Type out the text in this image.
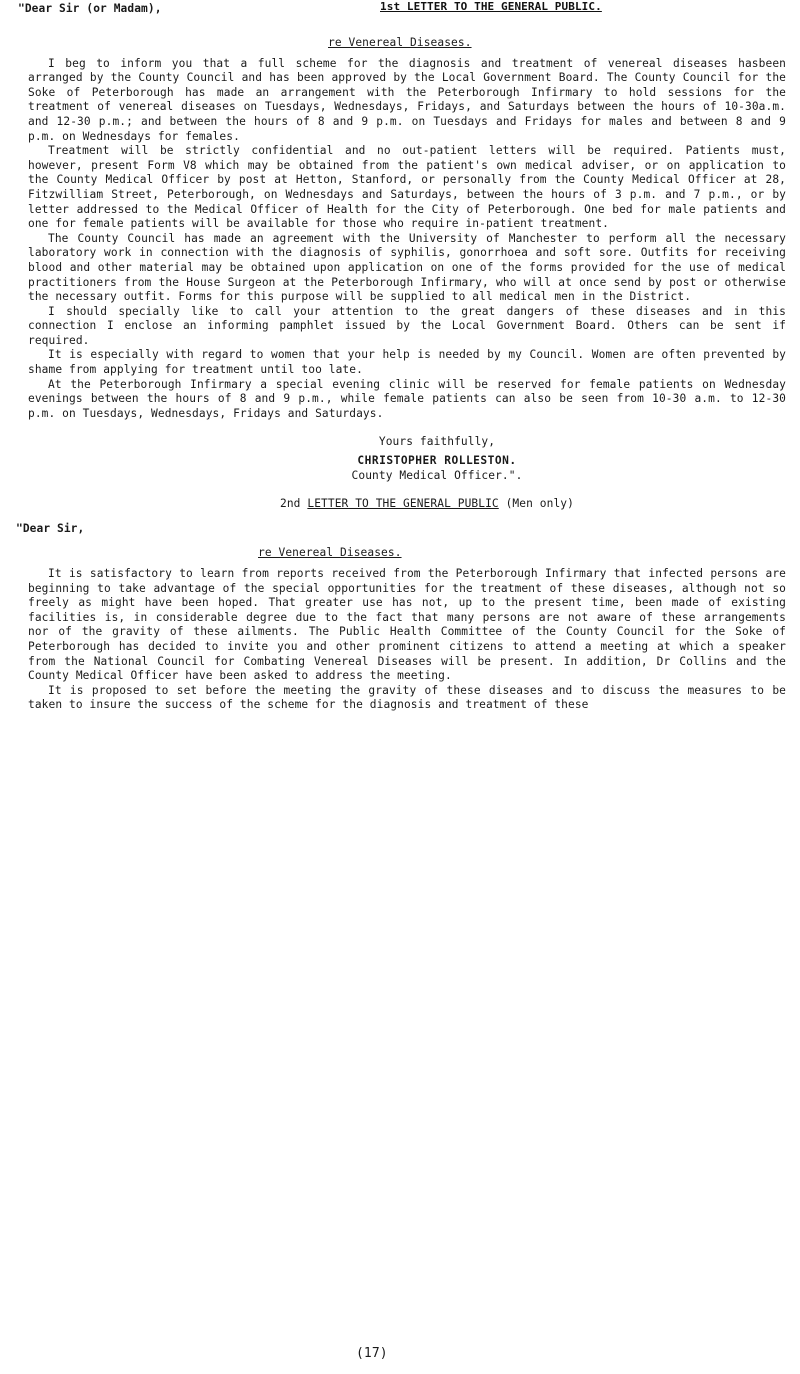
1st LETTER TO THE GENERAL PUBLIC.
"Dear Sir (or Madam),

re Venereal Diseases.

I beg to inform you that a full scheme for the diagnosis and treatment of venereal diseases hasbeen arranged by the County Council and has been approved by the Local Government Board. The County Council for the Soke of Peterborough has made an arrangement with the Peterborough Infirmary to hold sessions for the treatment of venereal diseases on Tuesdays, Wednesdays, Fridays, and Saturdays between the hours of 10-30a.m. and 12-30 p.m.; and between the hours of 8 and 9 p.m. on Tuesdays and Fridays for males and between 8 and 9 p.m. on Wednesdays for females.

Treatment will be strictly confidential and no out-patient letters will be required. Patients must, however, present Form V8 which may be obtained from the patient's own medical adviser, or on application to the County Medical Officer by post at Hetton, Stanford, or personally from the County Medical Officer at 28, Fitzwilliam Street, Peterborough, on Wednesdays and Saturdays, between the hours of 3 p.m. and 7 p.m., or by letter addressed to the Medical Officer of Health for the City of Peterborough. One bed for male patients and one for female patients will be available for those who require in-patient treatment.

The County Council has made an agreement with the University of Manchester to perform all the necessary laboratory work in connection with the diagnosis of syphilis, gonorrhoea and soft sore. Outfits for receiving blood and other material may be obtained upon application on one of the forms provided for the use of medical practitioners from the House Surgeon at the Peterborough Infirmary, who will at once send by post or otherwise the necessary outfit. Forms for this purpose will be supplied to all medical men in the District.

I should specially like to call your attention to the great dangers of these diseases and in this connection I enclose an informing pamphlet issued by the Local Government Board. Others can be sent if required.

It is especially with regard to women that your help is needed by my Council. Women are often prevented by shame from applying for treatment until too late.

At the Peterborough Infirmary a special evening clinic will be reserved for female patients on Wednesday evenings between the hours of 8 and 9 p.m., while female patients can also be seen from 10-30 a.m. to 12-30 p.m. on Tuesdays, Wednesdays, Fridays and Saturdays.

Yours faithfully,

CHRISTOPHER ROLLESTON.

County Medical Officer.".

2nd LETTER TO THE GENERAL PUBLIC (Men only)
"Dear Sir,

re Venereal Diseases.

It is satisfactory to learn from reports received from the Peterborough Infirmary that infected persons are beginning to take advantage of the special opportunities for the treatment of these diseases, although not so freely as might have been hoped. That greater use has not, up to the present time, been made of existing facilities is, in considerable degree due to the fact that many persons are not aware of these arrangements nor of the gravity of these ailments. The Public Health Committee of the County Council for the Soke of Peterborough has decided to invite you and other prominent citizens to attend a meeting at which a speaker from the National Council for Combating Venereal Diseases will be present. In addition, Dr Collins and the County Medical Officer have been asked to address the meeting.

It is proposed to set before the meeting the gravity of these diseases and to discuss the measures to be taken to insure the success of the scheme for the diagnosis and treatment of these

(17)
